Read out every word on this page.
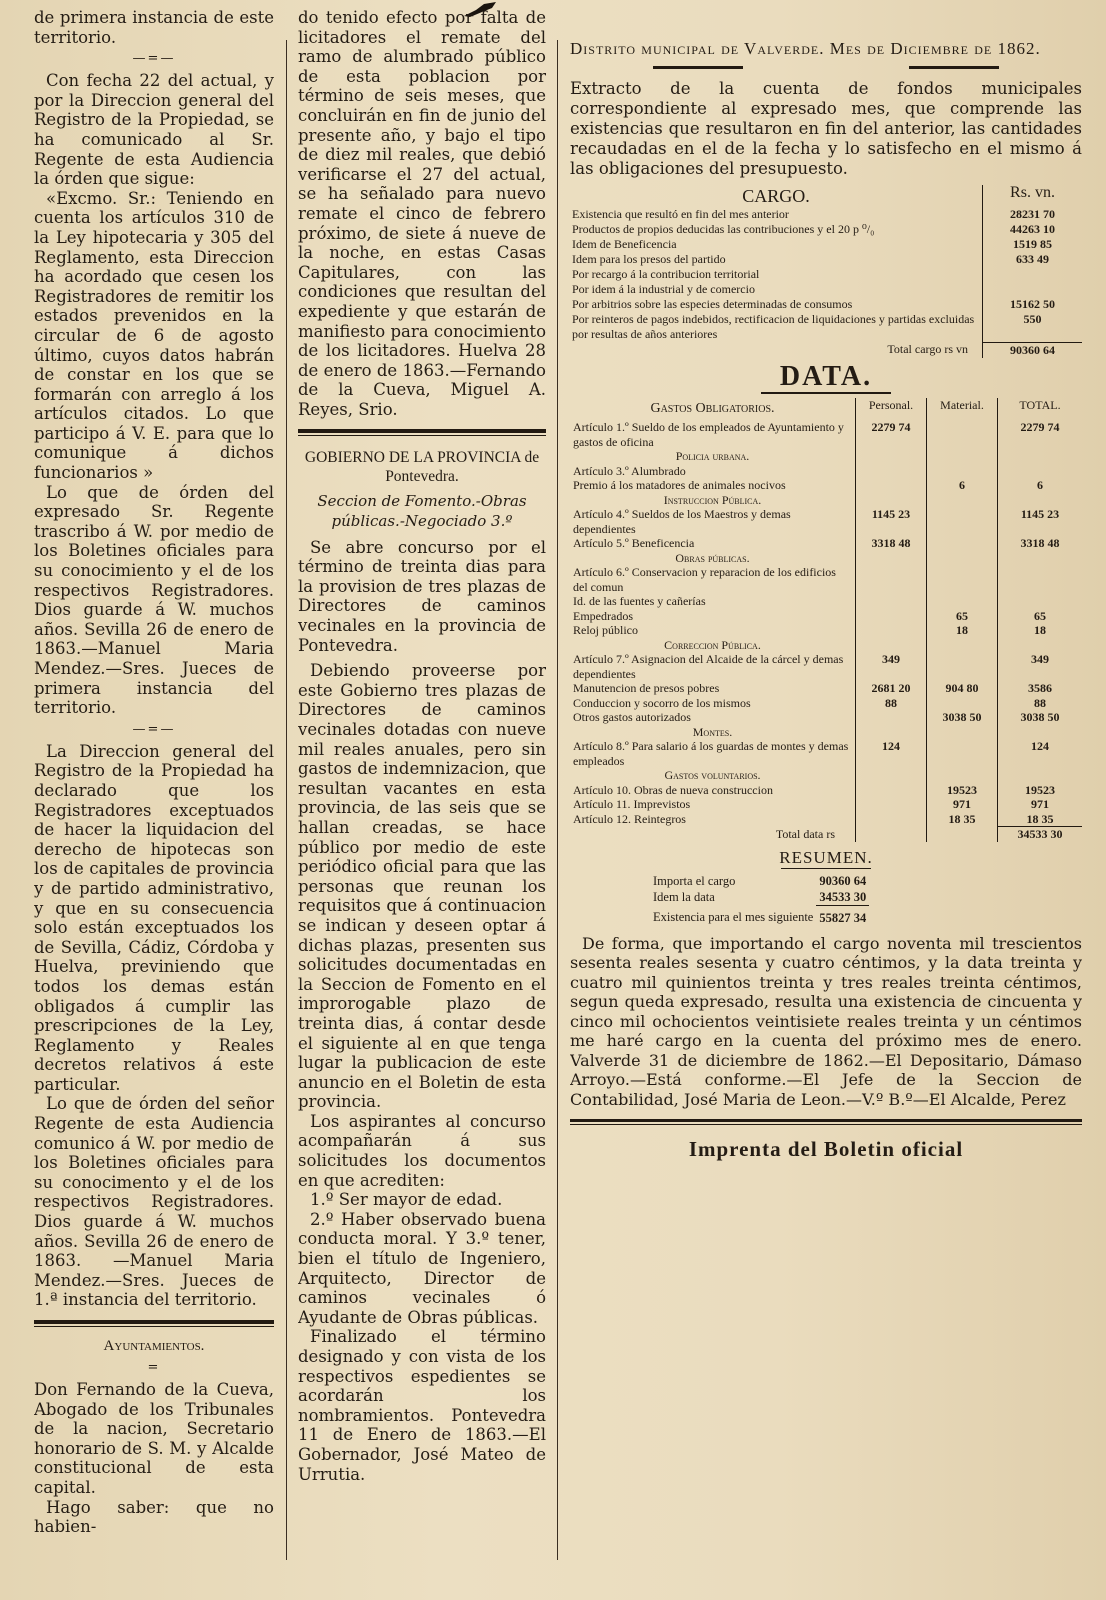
de primera instancia de este territorio.

—=—

Con fecha 22 del actual, y por la Direccion general del Registro de la Propiedad, se ha comunicado al Sr. Regente de esta Audiencia la órden que sigue:

«Excmo. Sr.: Teniendo en cuenta los artículos 310 de la Ley hipotecaria y 305 del Reglamento, esta Direccion ha acordado que cesen los Registradores de remitir los estados prevenidos en la circular de 6 de agosto último, cuyos datos habrán de constar en los que se formarán con arreglo á los artículos citados. Lo que participo á V. E. para que lo comunique á dichos funcionarios »

Lo que de órden del expresado Sr. Regente trascribo á W. por medio de los Boletines oficiales para su conocimiento y el de los respectivos Registradores. Dios guarde á W. muchos años. Sevilla 26 de enero de 1863.—Manuel Maria Mendez.—Sres. Jueces de primera instancia del territorio.

—=—

La Direccion general del Registro de la Propiedad ha declarado que los Registradores exceptuados de hacer la liquidacion del derecho de hipotecas son los de capitales de provincia y de partido administrativo, y que en su consecuencia solo están exceptuados los de Sevilla, Cádiz, Córdoba y Huelva, previniendo que todos los demas están obligados á cumplir las prescripciones de la Ley, Reglamento y Reales decretos relativos á este particular.

Lo que de órden del señor Regente de esta Audiencia comunico á W. por medio de los Boletines oficiales para su conocimento y el de los respectivos Registradores. Dios guarde á W. muchos años. Sevilla 26 de enero de 1863. —Manuel Maria Mendez.—Sres. Jueces de 1.ª instancia del territorio.

Ayuntamientos.
=

Don Fernando de la Cueva, Abogado de los Tribunales de la nacion, Secretario honorario de S. M. y Alcalde constitucional de esta capital.

Hago saber: que no habien-

do tenido efecto por falta de licitadores el remate del ramo de alumbrado público de esta poblacion por término de seis meses, que concluirán en fin de junio del presente año, y bajo el tipo de diez mil reales, que debió verificarse el 27 del actual, se ha señalado para nuevo remate el cinco de febrero próximo, de siete á nueve de la noche, en estas Casas Capitulares, con las condiciones que resultan del expediente y que estarán de manifiesto para conocimiento de los licitadores. Huelva 28 de enero de 1863.—Fernando de la Cueva, Miguel A. Reyes, Srio.

GOBIERNO DE LA PROVINCIA de Pontevedra.

Seccion de Fomento.-Obras públicas.-Negociado 3.º

Se abre concurso por el término de treinta dias para la provision de tres plazas de Directores de caminos vecinales en la provincia de Pontevedra.

Debiendo proveerse por este Gobierno tres plazas de Directores de caminos vecinales dotadas con nueve mil reales anuales, pero sin gastos de indemnizacion, que resultan vacantes en esta provincia, de las seis que se hallan creadas, se hace público por medio de este periódico oficial para que las personas que reunan los requisitos que á continuacion se indican y deseen optar á dichas plazas, presenten sus solicitudes documentadas en la Seccion de Fomento en el improrogable plazo de treinta dias, á contar desde el siguiente al en que tenga lugar la publicacion de este anuncio en el Boletin de esta provincia.

Los aspirantes al concurso acompañarán á sus solicitudes los documentos en que acrediten:

1.º Ser mayor de edad.

2.º Haber observado buena conducta moral. Y 3.º tener, bien el título de Ingeniero, Arquitecto, Director de caminos vecinales ó Ayudante de Obras públicas.

Finalizado el término designado y con vista de los respectivos espedientes se acordarán los nombramientos. Pontevedra 11 de Enero de 1863.—El Gobernador, José Mateo de Urrutia.

Distrito municipal de Valverde. Mes de Diciembre de 1862.

Extracto de la cuenta de fondos municipales correspondiente al expresado mes, que comprende las existencias que resultaron en fin del anterior, las cantidades recaudadas en el de la fecha y lo satisfecho en el mismo á las obligaciones del presupuesto.

CARGO.	Rs. vn.
Existencia que resultó en fin del mes anterior	28231 70
Productos de propios deducidas las contribuciones y el 20 p ⁰/₀	44263 10
Idem de Beneficencia	1519 85
Idem para los presos del partido	633 49
Por recargo á la contribucion territorial	
Por idem á la industrial y de comercio	
Por arbitrios sobre las especies determinadas de consumos	15162 50
Por reinteros de pagos indebidos, rectificacion de liquidaciones y partidas excluidas por resultas de años anteriores	550
Total cargo rs vn	90360 64
DATA.
Gastos Obligatorios.	Personal.	Material.	TOTAL.
Artículo 1.º Sueldo de los empleados de Ayuntamiento y gastos de oficina	2279 74		2279 74
Policia urbana.			
Artículo 3.º Alumbrado			
Premio á los matadores de animales nocivos		6	6
Instruccion Pública.			
Artículo 4.º Sueldos de los Maestros y demas dependientes	1145 23		1145 23
Artículo 5.º Beneficencia	3318 48		3318 48
Obras públicas.			
Artículo 6.º Conservacion y reparacion de los edificios del comun			
Id. de las fuentes y cañerías			
Empedrados		65	65
Reloj público		18	18
Correccion Pública.			
Artículo 7.º Asignacion del Alcaide de la cárcel y demas dependientes	349		349
Manutencion de presos pobres	2681 20	904 80	3586
Conduccion y socorro de los mismos	88		88
Otros gastos autorizados		3038 50	3038 50
Montes.			
Artículo 8.º Para salario á los guardas de montes y demas empleados	124		124
Gastos voluntarios.			
Artículo 10. Obras de nueva construccion		19523	19523
Artículo 11. Imprevistos		971	971
Artículo 12. Reintegros		18 35	18 35
Total data rs			34533 30
RESUMEN.
Importa el cargo	90360 64
Idem la data	34533 30
Existencia para el mes siguiente	55827 34

De forma, que importando el cargo noventa mil trescientos sesenta reales sesenta y cuatro céntimos, y la data treinta y cuatro mil quinientos treinta y tres reales treinta céntimos, segun queda expresado, resulta una existencia de cincuenta y cinco mil ochocientos veintisiete reales treinta y un céntimos me haré cargo en la cuenta del próximo mes de enero. Valverde 31 de diciembre de 1862.—El Depositario, Dámaso Arroyo.—Está conforme.—El Jefe de la Seccion de Contabilidad, José Maria de Leon.—V.º B.º—El Alcalde, Perez

Imprenta del Boletin oficial
